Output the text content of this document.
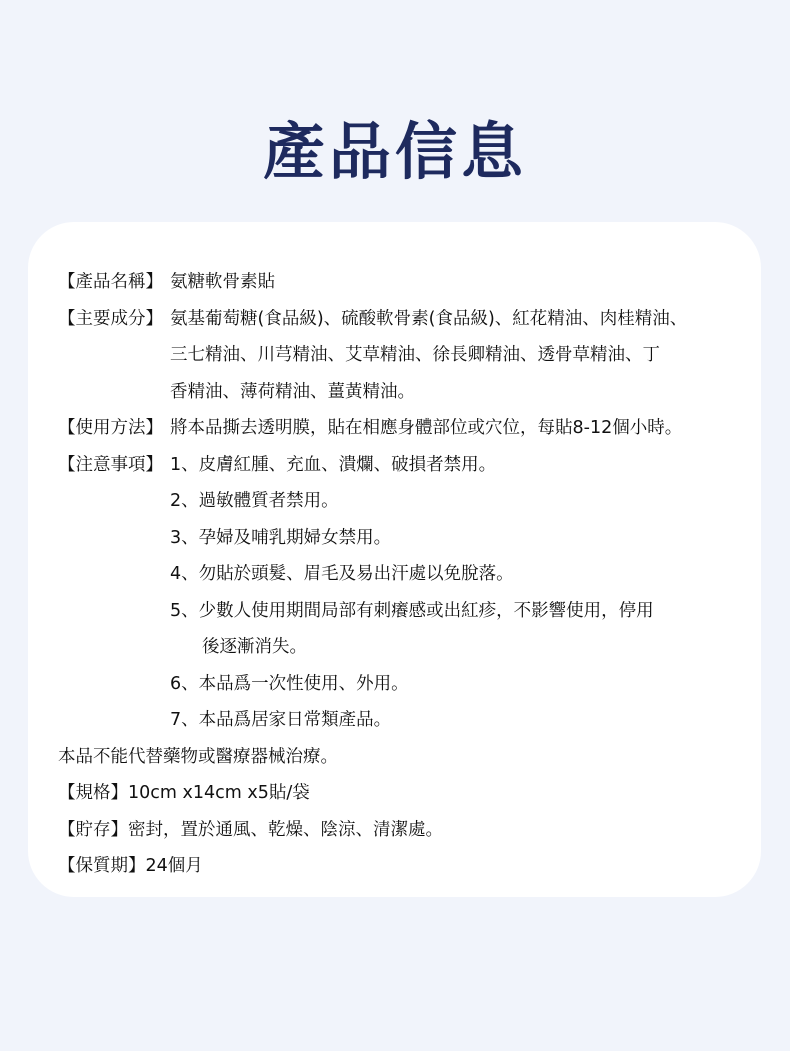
產品信息
【產品名稱】 氨糖軟骨素貼
【主要成分】 氨基葡萄糖(食品級)、硫酸軟骨素(食品級)、紅花精油、肉桂精油、
三七精油、川芎精油、艾草精油、徐長卿精油、透骨草精油、丁
香精油、薄荷精油、薑黃精油。
【使用方法】 將本品撕去透明膜，貼在相應身體部位或穴位，每貼8-12個小時。
【注意事項】 1、皮膚紅腫、充血、潰爛、破損者禁用。
2、過敏體質者禁用。
3、孕婦及哺乳期婦女禁用。
4、勿貼於頭髮、眉毛及易出汗處以免脫落。
5、少數人使用期間局部有刺癢感或出紅疹，不影響使用，停用
後逐漸消失。
6、本品爲一次性使用、外用。
7、本品爲居家日常類產品。
本品不能代替藥物或醫療器械治療。
【規格】10cm x14cm x5貼/袋
【貯存】密封，置於通風、乾燥、陰涼、清潔處。
【保質期】24個月
